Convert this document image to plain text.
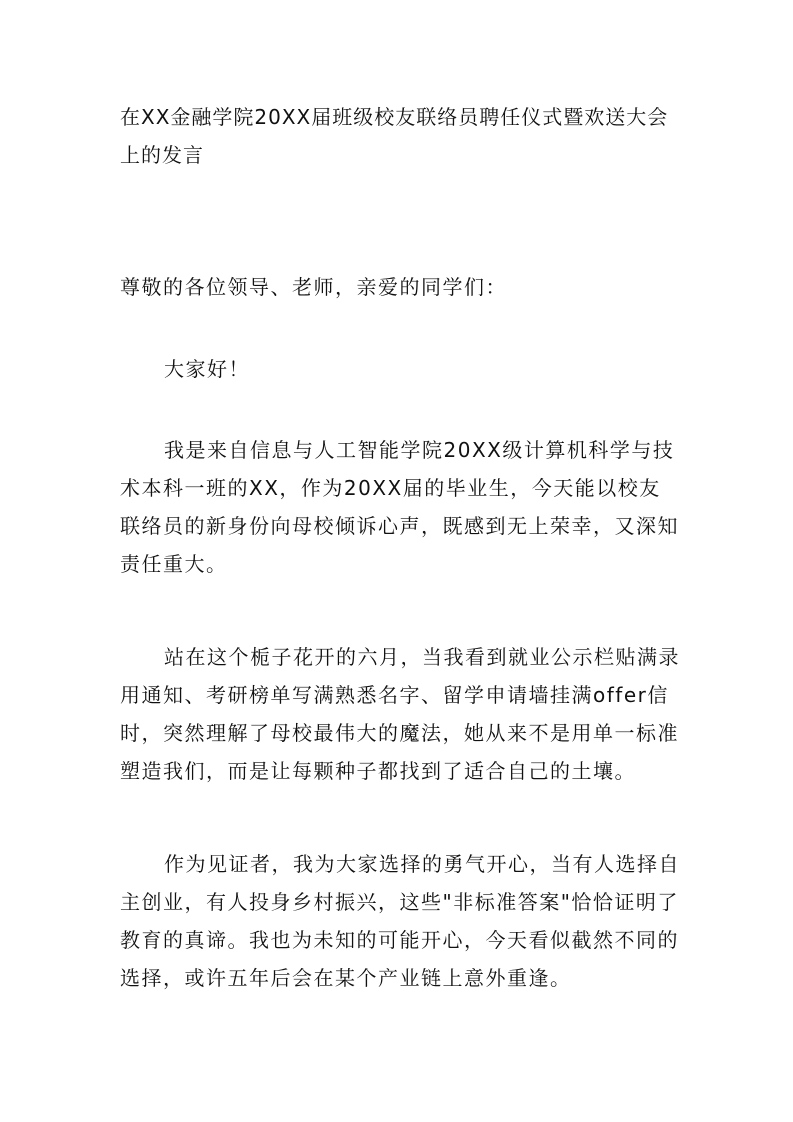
在XX金融学院20XX届班级校友联络员聘任仪式暨欢送大会上的发言

尊敬的各位领导、老师，亲爱的同学们：

大家好！

我是来自信息与人工智能学院20XX级计算机科学与技术本科一班的XX，作为20XX届的毕业生，今天能以校友联络员的新身份向母校倾诉心声，既感到无上荣幸，又深知责任重大。

站在这个栀子花开的六月，当我看到就业公示栏贴满录用通知、考研榜单写满熟悉名字、留学申请墙挂满offer信时，突然理解了母校最伟大的魔法，她从来不是用单一标准塑造我们，而是让每颗种子都找到了适合自己的土壤。

作为见证者，我为大家选择的勇气开心，当有人选择自主创业，有人投身乡村振兴，这些"非标准答案"恰恰证明了教育的真谛。我也为未知的可能开心，今天看似截然不同的选择，或许五年后会在某个产业链上意外重逢。
